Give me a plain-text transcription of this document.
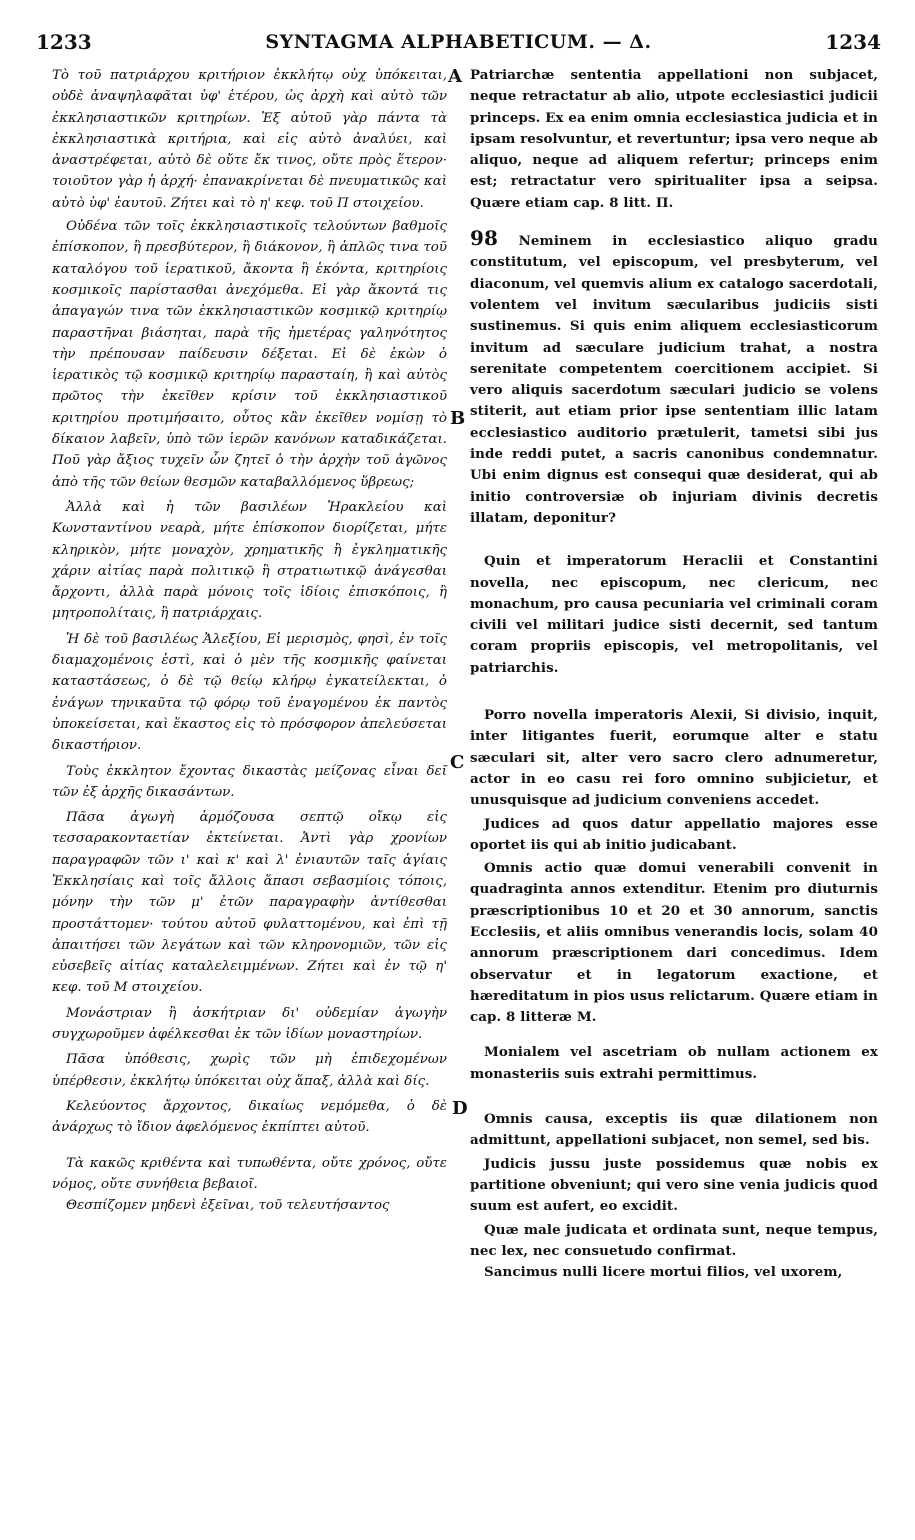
1233	SYNTAGMA ALPHABETICUM. — Δ.	1234

Τὸ τοῦ πατριάρχου κριτήριον ἐκκλήτῳ οὐχ ὑπόκειται, οὐδὲ ἀναψηλαφᾶται ὑφ' ἑτέρου, ὡς ἀρχὴ καὶ αὐτὸ τῶν ἐκκλησιαστικῶν κριτηρίων. Ἐξ αὐτοῦ γὰρ πάντα τὰ ἐκκλησιαστικὰ κριτήρια, καὶ εἰς αὐτὸ ἀναλύει, καὶ ἀναστρέφεται, αὐτὸ δὲ οὔτε ἔκ τινος, οὔτε πρὸς ἕτερον· τοιοῦτον γὰρ ἡ ἀρχή· ἐπανακρίνεται δὲ πνευματικῶς καὶ αὐτὸ ὑφ' ἑαυτοῦ. Ζήτει καὶ τὸ η' κεφ. τοῦ Π στοιχείου.

Οὐδένα τῶν τοῖς ἐκκλησιαστικοῖς τελούντων βαθμοῖς ἐπίσκοπον, ἢ πρεσβύτερον, ἢ διάκονον, ἢ ἁπλῶς τινα τοῦ καταλόγου τοῦ ἱερατικοῦ, ἄκοντα ἢ ἑκόντα, κριτηρίοις κοσμικοῖς παρίστασθαι ἀνεχόμεθα. Εἰ γὰρ ἄκοντά τις ἀπαγαγών τινα τῶν ἐκκλησιαστικῶν κοσμικῷ κριτηρίῳ παραστῆναι βιάσηται, παρὰ τῆς ἡμετέρας γαληνότητος τὴν πρέπουσαν παίδευσιν δέξεται. Εἰ δὲ ἑκὼν ὁ ἱερατικὸς τῷ κοσμικῷ κριτηρίῳ παρασταίη, ἢ καὶ αὐτὸς πρῶτος τὴν ἐκεῖθεν κρίσιν τοῦ ἐκκλησιαστικοῦ κριτηρίου προτιμήσαιτο, οὗτος κἂν ἐκεῖθεν νομίσῃ τὸ δίκαιον λαβεῖν, ὑπὸ τῶν ἱερῶν κανόνων καταδικάζεται. Ποῦ γὰρ ἄξιος τυχεῖν ὧν ζητεῖ ὁ τὴν ἀρχὴν τοῦ ἀγῶνος ἀπὸ τῆς τῶν θείων θεσμῶν καταβαλλόμενος ὕβρεως;

Ἀλλὰ καὶ ἡ τῶν βασιλέων Ἡρακλείου καὶ Κωνσταντίνου νεαρὰ, μήτε ἐπίσκοπον διορίζεται, μήτε κληρικὸν, μήτε μοναχὸν, χρηματικῆς ἢ ἐγκληματικῆς χάριν αἰτίας παρὰ πολιτικῷ ἢ στρατιωτικῷ ἀνάγεσθαι ἄρχοντι, ἀλλὰ παρὰ μόνοις τοῖς ἰδίοις ἐπισκόποις, ἢ μητροπολίταις, ἢ πατριάρχαις.

Ἡ δὲ τοῦ βασιλέως Ἀλεξίου, Εἰ μερισμὸς, φησὶ, ἐν τοῖς διαμαχομένοις ἐστὶ, καὶ ὁ μὲν τῆς κοσμικῆς φαίνεται καταστάσεως, ὁ δὲ τῷ θείῳ κλήρῳ ἐγκατείλεκται, ὁ ἐνάγων τηνικαῦτα τῷ φόρῳ τοῦ ἐναγομένου ἐκ παντὸς ὑποκείσεται, καὶ ἕκαστος εἰς τὸ πρόσφορον ἀπελεύσεται δικαστήριον.

Τοὺς ἐκκλητον ἔχοντας δικαστὰς μείζονας εἶναι δεῖ τῶν ἐξ ἀρχῆς δικασάντων.

Πᾶσα ἀγωγὴ ἁρμόζουσα σεπτῷ οἴκῳ εἰς τεσσαρακονταετίαν ἐκτείνεται. Ἀντὶ γὰρ χρονίων παραγραφῶν τῶν ι' καὶ κ' καὶ λ' ἐνιαυτῶν ταῖς ἁγίαις Ἐκκλησίαις καὶ τοῖς ἄλλοις ἅπασι σεβασμίοις τόποις, μόνην τὴν τῶν μ' ἐτῶν παραγραφὴν ἀντίθεσθαι προστάττομεν· τούτου αὐτοῦ φυλαττομένου, καὶ ἐπὶ τῇ ἀπαιτήσει τῶν λεγάτων καὶ τῶν κληρονομιῶν, τῶν εἰς εὐσεβεῖς αἰτίας καταλελειμμένων. Ζήτει καὶ ἐν τῷ η' κεφ. τοῦ Μ στοιχείου.

Μονάστριαν ἢ ἀσκήτριαν δι' οὐδεμίαν ἀγωγὴν συγχωροῦμεν ἀφέλκεσθαι ἐκ τῶν ἰδίων μοναστηρίων.

Πᾶσα ὑπόθεσις, χωρὶς τῶν μὴ ἐπιδεχομένων ὑπέρθεσιν, ἐκκλήτῳ ὑπόκειται οὐχ ἅπαξ, ἀλλὰ καὶ δίς.

Κελεύοντος ἄρχοντος, δικαίως νεμόμεθα, ὁ δὲ ἀνάρχως τὸ ἴδιον ἀφελόμενος ἐκπίπτει αὐτοῦ.

Τὰ κακῶς κριθέντα καὶ τυπωθέντα, οὔτε χρόνος, οὔτε νόμος, οὔτε συνήθεια βεβαιοῖ.

Θεσπίζομεν μηδενὶ ἐξεῖναι, τοῦ τελευτήσαντος

A
B
C
D

Patriarchæ sententia appellationi non subjacet, neque retractatur ab alio, utpote ecclesiastici judicii princeps. Ex ea enim omnia ecclesiastica judicia et in ipsam resolvuntur, et revertuntur; ipsa vero neque ab aliquo, neque ad aliquem refertur; princeps enim est; retractatur vero spiritualiter ipsa a seipsa. Quære etiam cap. 8 litt. Π.

98 Neminem in ecclesiastico aliquo gradu constitutum, vel episcopum, vel presbyterum, vel diaconum, vel quemvis alium ex catalogo sacerdotali, volentem vel invitum sæcularibus judiciis sisti sustinemus. Si quis enim aliquem ecclesiasticorum invitum ad sæculare judicium trahat, a nostra serenitate competentem coercitionem accipiet. Si vero aliquis sacerdotum sæculari judicio se volens stiterit, aut etiam prior ipse sententiam illic latam ecclesiastico auditorio prætulerit, tametsi sibi jus inde reddi putet, a sacris canonibus condemnatur. Ubi enim dignus est consequi quæ desiderat, qui ab initio controversiæ ob injuriam divinis decretis illatam, deponitur?

Quin et imperatorum Heraclii et Constantini novella, nec episcopum, nec clericum, nec monachum, pro causa pecuniaria vel criminali coram civili vel militari judice sisti decernit, sed tantum coram propriis episcopis, vel metropolitanis, vel patriarchis.

Porro novella imperatoris Alexii, Si divisio, inquit, inter litigantes fuerit, eorumque alter e statu sæculari sit, alter vero sacro clero adnumeretur, actor in eo casu rei foro omnino subjicietur, et unusquisque ad judicium conveniens accedet.

Judices ad quos datur appellatio majores esse oportet iis qui ab initio judicabant.

Omnis actio quæ domui venerabili convenit in quadraginta annos extenditur. Etenim pro diuturnis præscriptionibus 10 et 20 et 30 annorum, sanctis Ecclesiis, et aliis omnibus venerandis locis, solam 40 annorum præscriptionem dari concedimus. Idem observatur et in legatorum exactione, et hæreditatum in pios usus relictarum. Quære etiam in cap. 8 litteræ M.

Monialem vel ascetriam ob nullam actionem ex monasteriis suis extrahi permittimus.

Omnis causa, exceptis iis quæ dilationem non admittunt, appellationi subjacet, non semel, sed bis.

Judicis jussu juste possidemus quæ nobis ex partitione obveniunt; qui vero sine venia judicis quod suum est aufert, eo excidit.

Quæ male judicata et ordinata sunt, neque tempus, nec lex, nec consuetudo confirmat.

Sancimus nulli licere mortui filios, vel uxorem,
